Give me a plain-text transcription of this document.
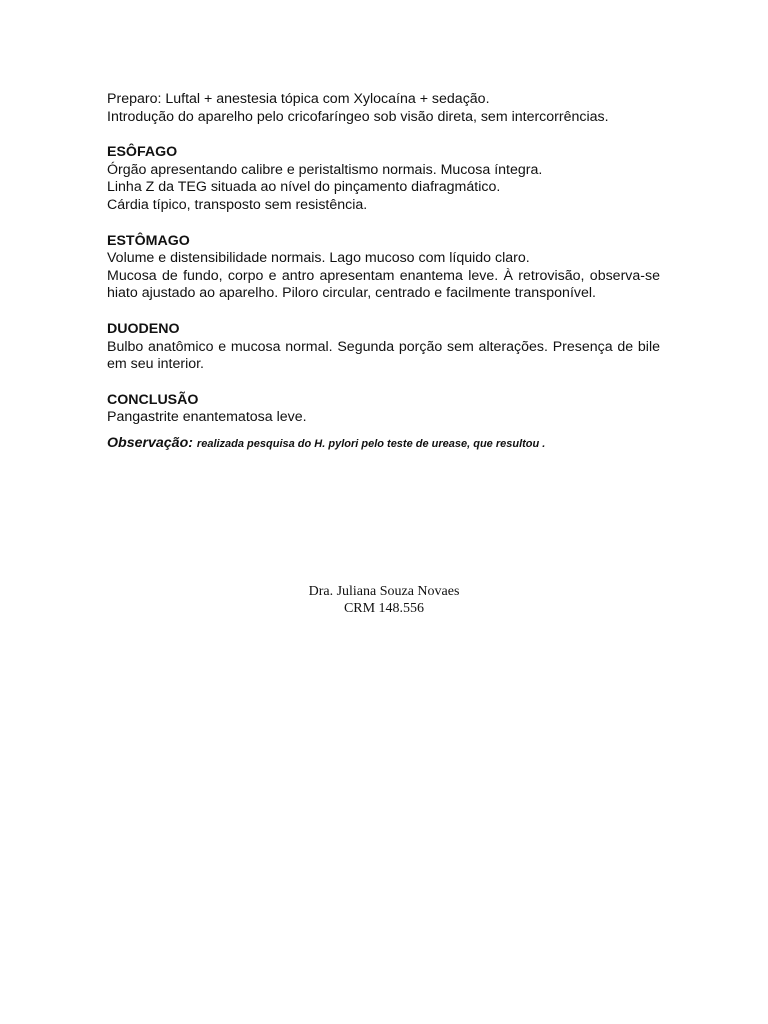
Preparo: Luftal + anestesia tópica com Xylocaína + sedação.
Introdução do aparelho pelo cricofaríngeo sob visão direta, sem intercorrências.
ESÔFAGO
Órgão apresentando calibre e peristaltismo normais. Mucosa íntegra.
Linha Z da TEG situada ao nível do pinçamento diafragmático.
Cárdia típico, transposto sem resistência.
ESTÔMAGO
Volume e distensibilidade normais. Lago mucoso com líquido claro.
Mucosa de fundo, corpo e antro apresentam enantema leve. À retrovisão, observa-se hiato ajustado ao aparelho. Piloro circular, centrado e facilmente transponível.
DUODENO
Bulbo anatômico e mucosa normal. Segunda porção sem alterações. Presença de bile em seu interior.
CONCLUSÃO
Pangastrite enantematosa leve.
Observação: realizada pesquisa do H. pylori pelo teste de urease, que resultou .
Dra. Juliana Souza Novaes
CRM 148.556
